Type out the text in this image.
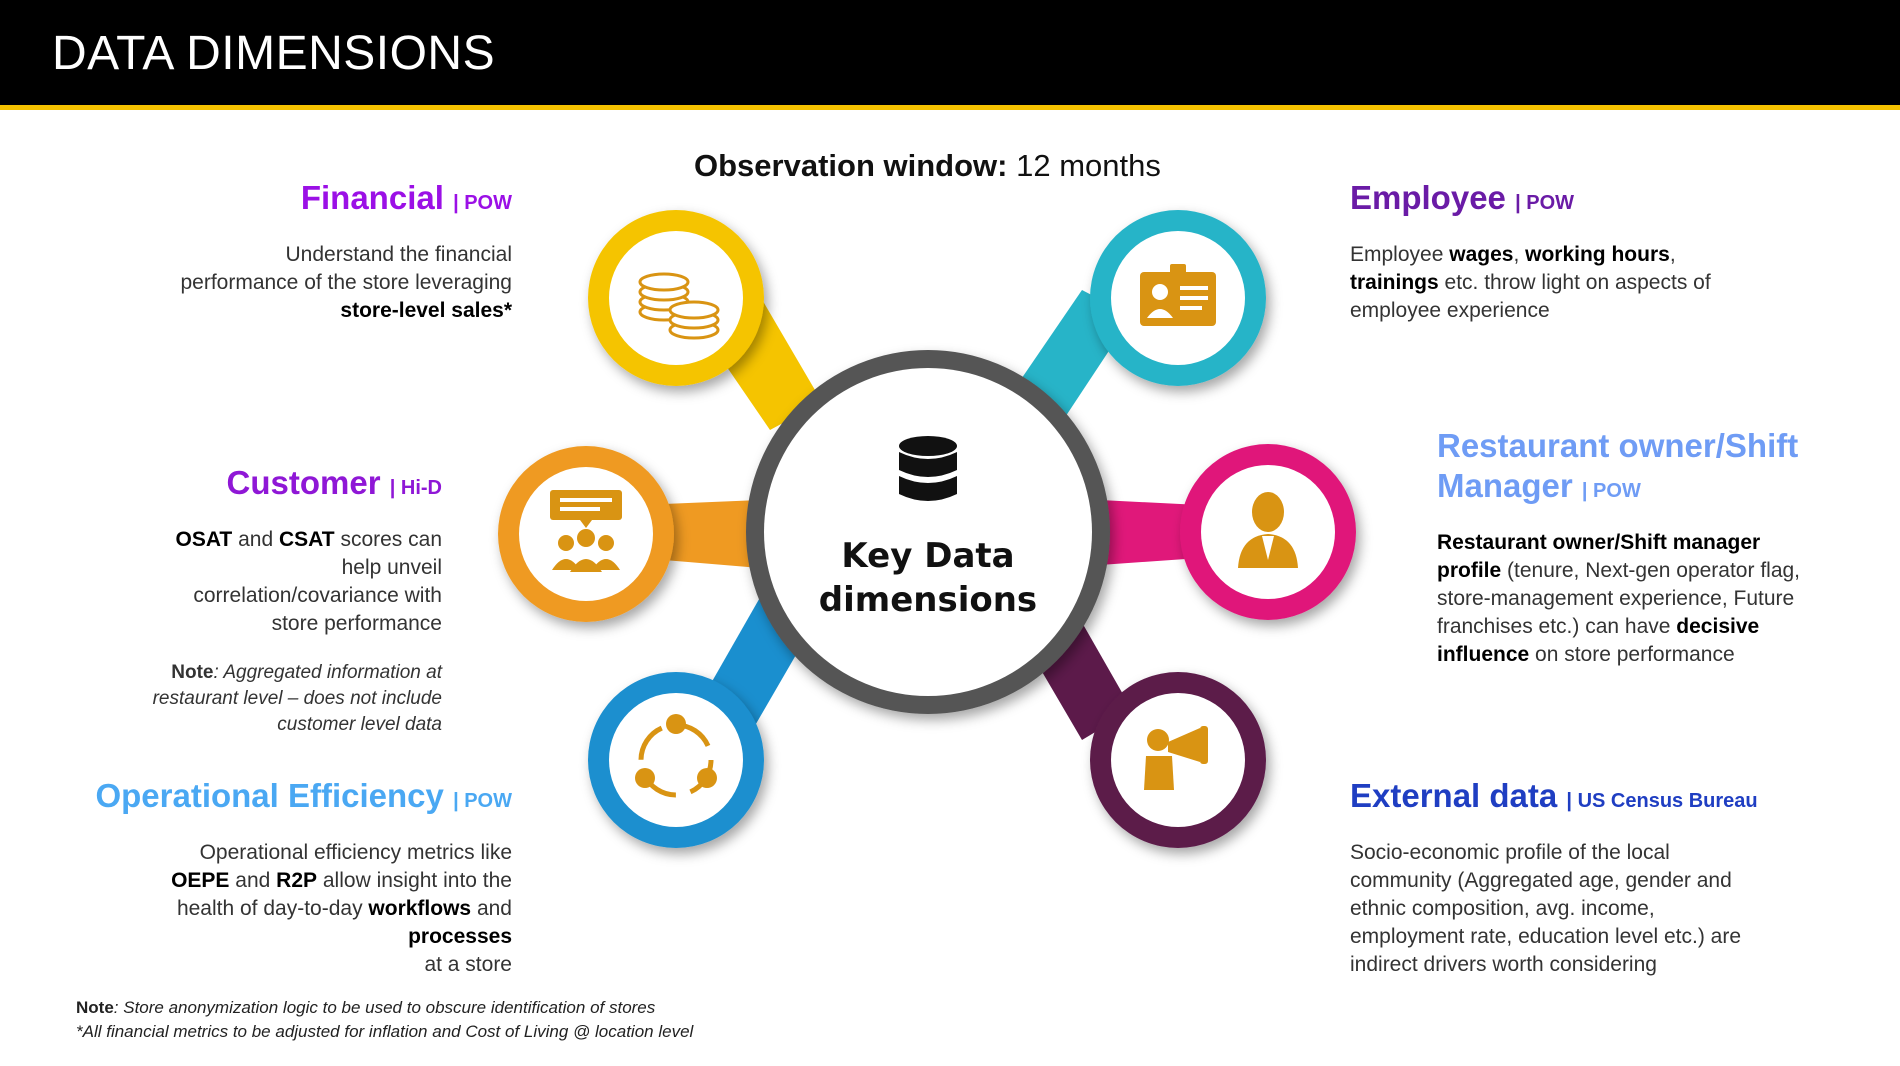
DATA DIMENSIONS
Observation window: 12 months
Key Data
dimensions
Financial | POW
Understand the financial
performance of the store leveraging
store-level sales*
Customer | Hi-D
OSAT and CSAT scores can
help unveil
correlation/covariance with
store performance
Note: Aggregated information at restaurant level – does not include customer level data
Operational Efficiency | POW
Operational efficiency metrics like
OEPE and R2P allow insight into the
health of day-to-day workflows and
processes
at a store
Employee | POW
Employee wages, working hours, trainings etc. throw light on aspects of employee experience
Restaurant owner/Shift
Manager | POW
Restaurant owner/Shift manager profile (tenure, Next-gen operator flag, store-management experience, Future franchises etc.) can have decisive influence on store performance
External data | US Census Bureau
Socio-economic profile of the local community (Aggregated age, gender and ethnic composition, avg. income, employment rate, education level etc.) are indirect drivers worth considering
Note: Store anonymization logic to be used to obscure identification of stores
*All financial metrics to be adjusted for inflation and Cost of Living @ location level
